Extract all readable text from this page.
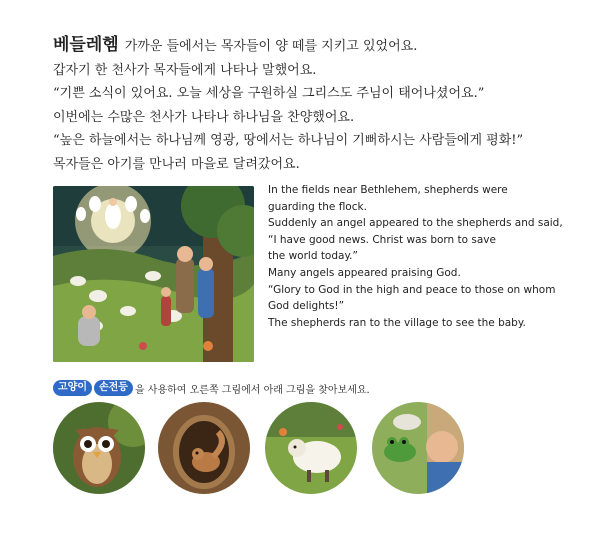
베들레헴 가까운 들에서는 목자들이 양 떼를 지키고 있었어요.
갑자기 한 천사가 목자들에게 나타나 말했어요.
“기쁜 소식이 있어요. 오늘 세상을 구원하실 그리스도 주님이 태어나셨어요.”
이번에는 수많은 천사가 나타나 하나님을 찬양했어요.
“높은 하늘에서는 하나님께 영광, 땅에서는 하나님이 기뻐하시는 사람들에게 평화!”
목자들은 아기를 만나러 마을로 달려갔어요.
In the fields near Bethlehem, shepherds were
guarding the flock.
Suddenly an angel appeared to the shepherds and said,
“I have good news. Christ was born to save
the world today.”
Many angels appeared praising God.
“Glory to God in the high and peace to those on whom
God delights!”
The shepherds ran to the village to see the baby.
고양이	손전등 을 사용하여 오른쪽 그림에서 아래 그림을 찾아보세요.
